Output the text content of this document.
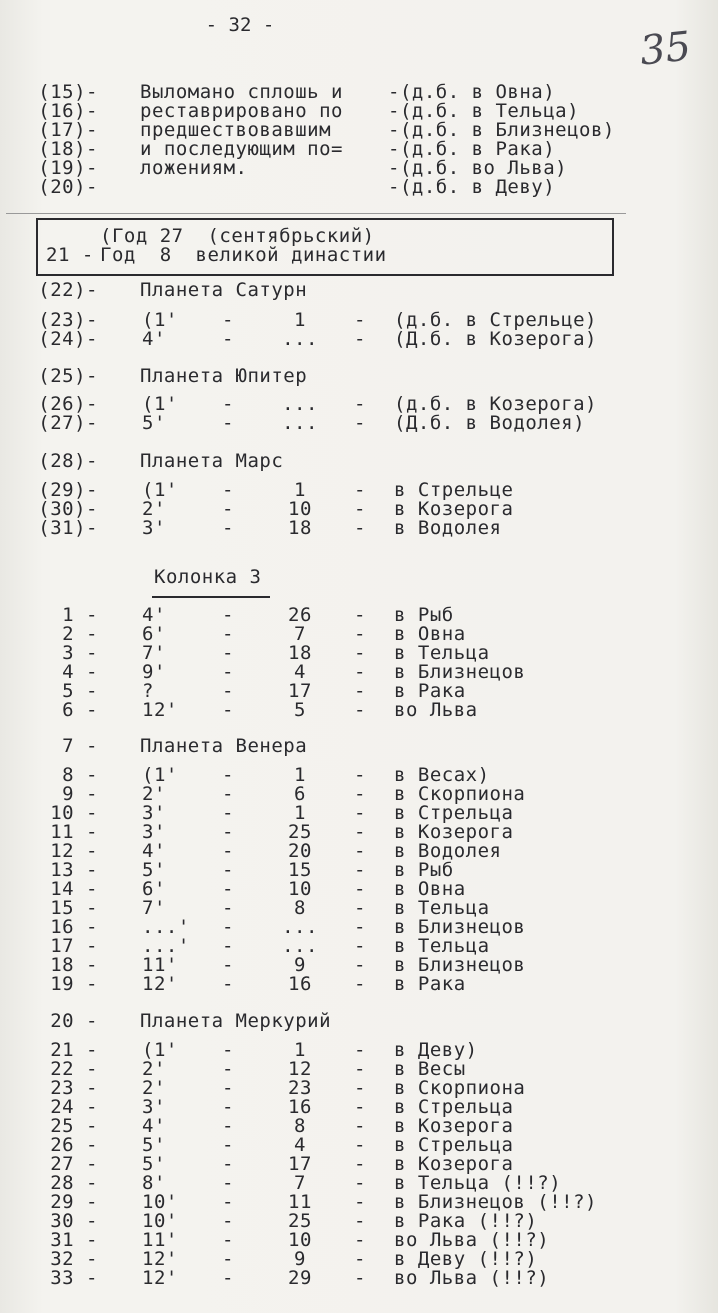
- 32 -	35
(Год 27  (сентябрьский)
21 - Год  8  великой династии
Колонка 3
(15)- Выломано сплошь и -(д.б. в Овна)
(16)- реставрировано по -(д.б. в Тельца)
(17)- предшествовавшим	-(д.б. в Близнецов)
(18)- и последующим по= -(д.б. в Рака)
(19)- ложениям.	-(д.б. во Льва)
(20)-	-(д.б. в Деву)
(22)- Планета Сатурн
(23)- (1' -	1	- (д.б. в Стрельце)
(24)- 4'	-	...	- (Д.б. в Козерога)
(25)- Планета Юпитер
(26)- (1' -	...	- (д.б. в Козерога)
(27)- 5'	-	...	- (Д.б. в Водолея)
(28)- Планета Марс
(29)- (1' -	1	- в Стрельце
(30)- 2'	-	10	- в Козерога
(31)- 3'	-	18	- в Водолея
1 - 4'	-	26	- в Рыб
2 - 6'	-	7	- в Овна
3 - 7'	-	18	- в Тельца
4 - 9'	-	4	- в Близнецов
5 - ?	-	17	- в Рака
6 - 12' -	5	- во Льва
7 - Планета Венера
8 - (1' -	1	- в Весах)
9 - 2'	-	6	- в Скорпиона
10 - 3'	-	1	- в Стрельца
11 - 3'	-	25	- в Козерога
12 - 4'	-	20	- в Водолея
13 - 5'	-	15	- в Рыб
14 - 6'	-	10	- в Овна
15 - 7'	-	8	- в Тельца
16 - ...' -	...	- в Близнецов
17 - ...' -	...	- в Тельца
18 - 11' -	9	- в Близнецов
19 - 12' -	16	- в Рака
20 - Планета Меркурий
21 - (1' -	1	- в Деву)
22 - 2'	-	12	- в Весы
23 - 2'	-	23	- в Скорпиона
24 - 3'	-	16	- в Стрельца
25 - 4'	-	8	- в Козерога
26 - 5'	-	4	- в Стрельца
27 - 5'	-	17	- в Козерога
28 - 8'	-	7	- в Тельца (!!?)
29 - 10' -	11	- в Близнецов (!!?)
30 - 10' -	25	- в Рака (!!?)
31 - 11' -	10	- во Льва (!!?)
32 - 12' -	9	- в Деву (!!?)
33 - 12' -	29	- во Льва (!!?)
